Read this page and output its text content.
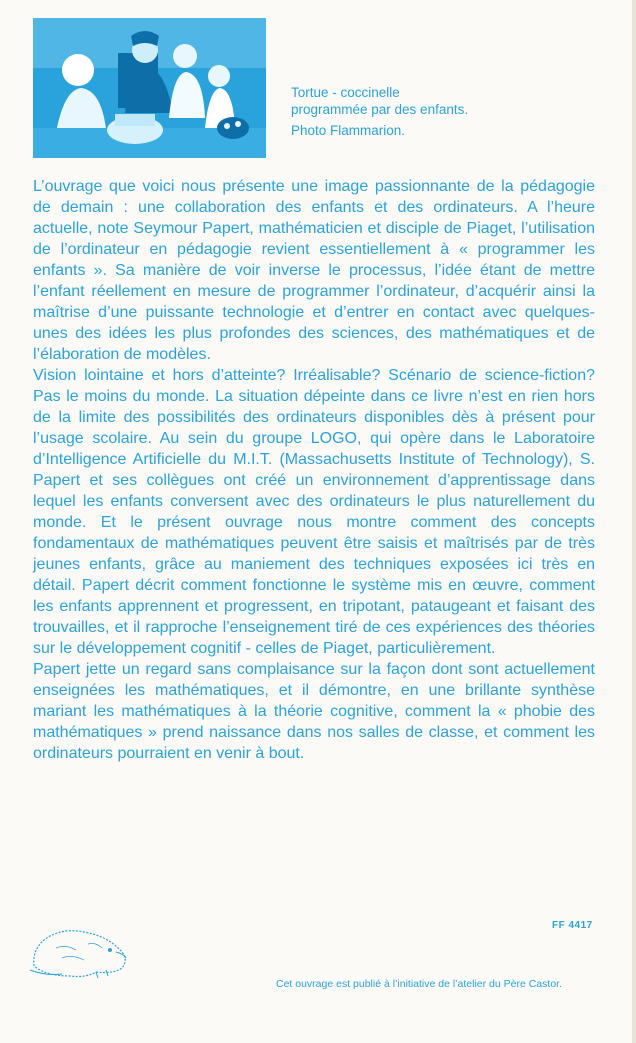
Tortue - coccinelle
programmée par des enfants.
Photo Flammarion.

L’ouvrage que voici nous présente une image passionnante de la pédagogie de demain : une collaboration des enfants et des ordinateurs. A l’heure actuelle, note Seymour Papert, mathématicien et disciple de Piaget, l’utilisation de l’ordinateur en pédagogie revient essentiellement à « programmer les enfants ». Sa manière de voir inverse le processus, l’idée étant de mettre l’enfant réellement en mesure de programmer l’ordinateur, d’acquérir ainsi la maîtrise d’une puissante technologie et d’entrer en contact avec quelques-unes des idées les plus profondes des sciences, des mathématiques et de l’élaboration de modèles.

Vision lointaine et hors d’atteinte? Irréalisable? Scénario de science-fiction? Pas le moins du monde. La situation dépeinte dans ce livre n’est en rien hors de la limite des possibilités des ordinateurs disponibles dès à présent pour l’usage scolaire. Au sein du groupe LOGO, qui opère dans le Laboratoire d’Intelligence Artificielle du M.I.T. (Massachusetts Institute of Technology), S. Papert et ses collègues ont créé un environnement d’apprentissage dans lequel les enfants conversent avec des ordinateurs le plus naturellement du monde. Et le présent ouvrage nous montre comment des concepts fondamentaux de mathématiques peuvent être saisis et maîtrisés par de très jeunes enfants, grâce au maniement des techniques exposées ici très en détail. Papert décrit comment fonctionne le système mis en œuvre, comment les enfants apprennent et progressent, en tripotant, pataugeant et faisant des trouvailles, et il rapproche l’enseignement tiré de ces expériences des théories sur le développement cognitif - celles de Piaget, particulièrement.

Papert jette un regard sans complaisance sur la façon dont sont actuellement enseignées les mathématiques, et il démontre, en une brillante synthèse mariant les mathématiques à la théorie cognitive, comment la « phobie des mathématiques » prend naissance dans nos salles de classe, et comment les ordinateurs pourraient en venir à bout.

FF 4417
Cet ouvrage est publié à l’initiative de l’atelier du Père Castor.
